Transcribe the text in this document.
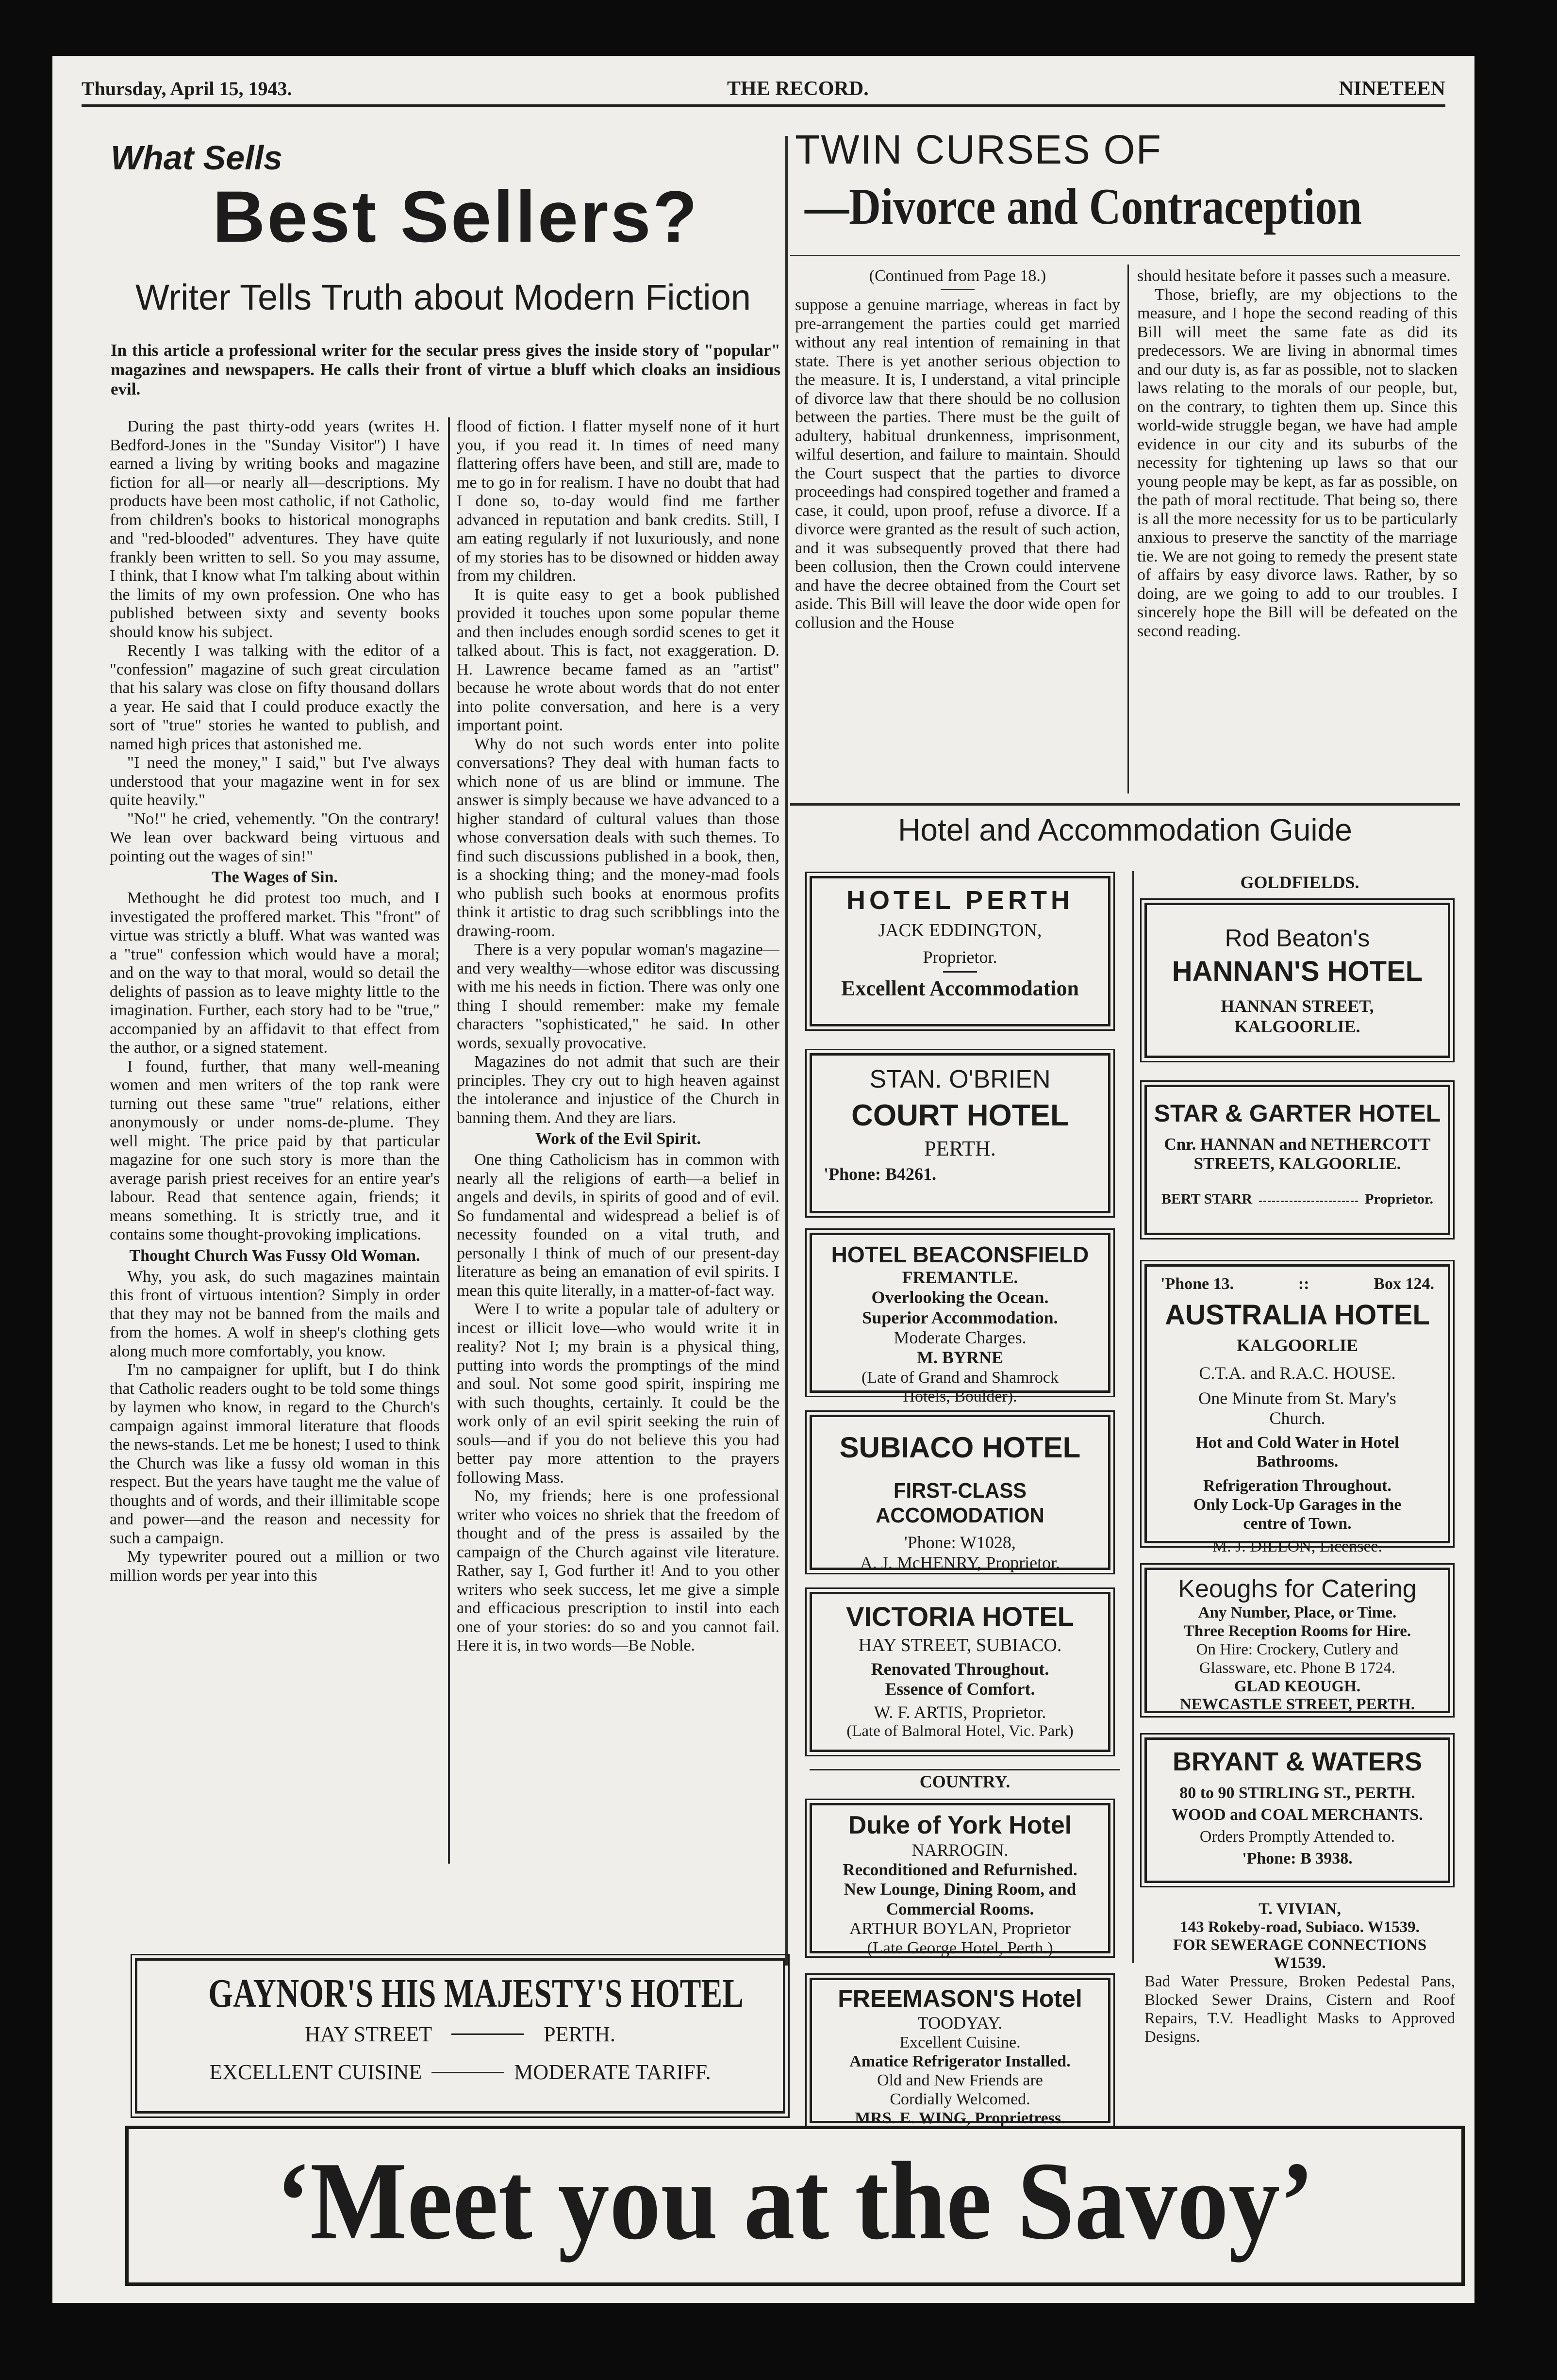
Thursday, April 15, 1943.	THE RECORD.	NINETEEN
What Sells
Best Sellers?
Writer Tells Truth about Modern Fiction
In this article a professional writer for the secular press gives the inside story of "popular" magazines and newspapers. He calls their front of virtue a bluff which cloaks an insidious evil.

During the past thirty-odd years (writes H. Bedford-Jones in the "Sunday Visitor") I have earned a living by writing books and magazine fiction for all—or nearly all—descriptions. My products have been most catholic, if not Catholic, from children's books to historical monographs and "red-blooded" adventures. They have quite frankly been written to sell. So you may assume, I think, that I know what I'm talking about within the limits of my own profession. One who has published between sixty and seventy books should know his subject.

Recently I was talking with the editor of a "confession" magazine of such great circulation that his salary was close on fifty thousand dollars a year. He said that I could produce exactly the sort of "true" stories he wanted to publish, and named high prices that astonished me.

"I need the money," I said," but I've always understood that your magazine went in for sex quite heavily."

"No!" he cried, vehemently. "On the contrary! We lean over backward being virtuous and pointing out the wages of sin!"

The Wages of Sin.

Methought he did protest too much, and I investigated the proffered market. This "front" of virtue was strictly a bluff. What was wanted was a "true" confession which would have a moral; and on the way to that moral, would so detail the delights of passion as to leave mighty little to the imagination. Further, each story had to be "true," accompanied by an affidavit to that effect from the author, or a signed statement.

I found, further, that many well-meaning women and men writers of the top rank were turning out these same "true" relations, either anonymously or under noms-de-plume. They well might. The price paid by that particular magazine for one such story is more than the average parish priest receives for an entire year's labour. Read that sentence again, friends; it means something. It is strictly true, and it contains some thought-provoking implications.

Thought Church Was Fussy Old Woman.

Why, you ask, do such magazines maintain this front of virtuous intention? Simply in order that they may not be banned from the mails and from the homes. A wolf in sheep's clothing gets along much more comfortably, you know.

I'm no campaigner for uplift, but I do think that Catholic readers ought to be told some things by laymen who know, in regard to the Church's campaign against immoral literature that floods the news-stands. Let me be honest; I used to think the Church was like a fussy old woman in this respect. But the years have taught me the value of thoughts and of words, and their illimitable scope and power—and the reason and necessity for such a campaign.

My typewriter poured out a million or two million words per year into this

flood of fiction. I flatter myself none of it hurt you, if you read it. In times of need many flattering offers have been, and still are, made to me to go in for realism. I have no doubt that had I done so, to-day would find me farther advanced in reputation and bank credits. Still, I am eating regularly if not luxuriously, and none of my stories has to be disowned or hidden away from my children.

It is quite easy to get a book published provided it touches upon some popular theme and then includes enough sordid scenes to get it talked about. This is fact, not exaggeration. D. H. Lawrence became famed as an "artist" because he wrote about words that do not enter into polite conversation, and here is a very important point.

Why do not such words enter into polite conversations? They deal with human facts to which none of us are blind or immune. The answer is simply because we have advanced to a higher standard of cultural values than those whose conversation deals with such themes. To find such discussions published in a book, then, is a shocking thing; and the money-mad fools who publish such books at enormous profits think it artistic to drag such scribblings into the drawing-room.

There is a very popular woman's magazine—and very wealthy—whose editor was discussing with me his needs in fiction. There was only one thing I should remember: make my female characters "sophisticated," he said. In other words, sexually provocative.

Magazines do not admit that such are their principles. They cry out to high heaven against the intolerance and injustice of the Church in banning them. And they are liars.

Work of the Evil Spirit.

One thing Catholicism has in common with nearly all the religions of earth—a belief in angels and devils, in spirits of good and of evil. So fundamental and widespread a belief is of necessity founded on a vital truth, and personally I think of much of our present-day literature as being an emanation of evil spirits. I mean this quite literally, in a matter-of-fact way.

Were I to write a popular tale of adultery or incest or illicit love—who would write it in reality? Not I; my brain is a physical thing, putting into words the promptings of the mind and soul. Not some good spirit, inspiring me with such thoughts, certainly. It could be the work only of an evil spirit seeking the ruin of souls—and if you do not believe this you had better pay more attention to the prayers following Mass.

No, my friends; here is one professional writer who voices no shriek that the freedom of thought and of the press is assailed by the campaign of the Church against vile literature. Rather, say I, God further it! And to you other writers who seek success, let me give a simple and efficacious prescription to instil into each one of your stories: do so and you cannot fail. Here it is, in two words—Be Noble.

TWIN CURSES OF
—Divorce and Contraception
(Continued from Page 18.)
suppose a genuine marriage, whereas in fact by pre-arrangement the parties could get married without any real intention of remaining in that state. There is yet another serious objection to the measure. It is, I understand, a vital principle of divorce law that there should be no collusion between the parties. There must be the guilt of adultery, habitual drunkenness, imprisonment, wilful desertion, and failure to maintain. Should the Court suspect that the parties to divorce proceedings had conspired together and framed a case, it could, upon proof, refuse a divorce. If a divorce were granted as the result of such action, and it was subsequently proved that there had been collusion, then the Crown could intervene and have the decree obtained from the Court set aside. This Bill will leave the door wide open for collusion and the House

should hesitate before it passes such a measure.

Those, briefly, are my objections to the measure, and I hope the second reading of this Bill will meet the same fate as did its predecessors. We are living in abnormal times and our duty is, as far as possible, not to slacken laws relating to the morals of our people, but, on the contrary, to tighten them up. Since this world-wide struggle began, we have had ample evidence in our city and its suburbs of the necessity for tightening up laws so that our young people may be kept, as far as possible, on the path of moral rectitude. That being so, there is all the more necessity for us to be particularly anxious to preserve the sanctity of the marriage tie. We are not going to remedy the present state of affairs by easy divorce laws. Rather, by so doing, are we going to add to our troubles. I sincerely hope the Bill will be defeated on the second reading.

Hotel and Accommodation Guide
HOTEL PERTH
JACK EDDINGTON,
Proprietor.
Excellent Accommodation
STAN. O'BRIEN
COURT HOTEL
PERTH.
'Phone: B4261.
HOTEL BEACONSFIELD
FREMANTLE.
Overlooking the Ocean.
Superior Accommodation.
Moderate Charges.
M. BYRNE
(Late of Grand and Shamrock
Hotels, Boulder).
SUBIACO HOTEL
FIRST-CLASS ACCOMODATION
'Phone: W1028,
A. J. McHENRY, Proprietor.
VICTORIA HOTEL
HAY STREET, SUBIACO.
Renovated Throughout.
Essence of Comfort.
W. F. ARTIS, Proprietor.
(Late of Balmoral Hotel, Vic. Park)
COUNTRY.
Duke of York Hotel
NARROGIN.
Reconditioned and Refurnished.
New Lounge, Dining Room, and
Commercial Rooms.
ARTHUR BOYLAN, Proprietor
(Late George Hotel, Perth.)
FREEMASON'S Hotel
TOODYAY.
Excellent Cuisine.
Amatice Refrigerator Installed.
Old and New Friends are
Cordially Welcomed.
MRS. E. WING, Proprietress.
GOLDFIELDS.
Rod Beaton's
HANNAN'S HOTEL
HANNAN STREET,
KALGOORLIE.
STAR & GARTER HOTEL
Cnr. HANNAN and NETHERCOTT
STREETS, KALGOORLIE.
BERT STARR	Proprietor.
'Phone 13.	::	Box 124.
AUSTRALIA HOTEL
KALGOORLIE
C.T.A. and R.A.C. HOUSE.
One Minute from St. Mary's
Church.
Hot and Cold Water in Hotel
Bathrooms.
Refrigeration Throughout.
Only Lock-Up Garages in the
centre of Town.
M. J. DILLON, Licensee.
Keoughs for Catering
Any Number, Place, or Time.
Three Reception Rooms for Hire.
On Hire: Crockery, Cutlery and
Glassware, etc. Phone B 1724.
GLAD KEOUGH.
NEWCASTLE STREET, PERTH.
BRYANT & WATERS
80 to 90 STIRLING ST., PERTH.
WOOD and COAL MERCHANTS.
Orders Promptly Attended to.
'Phone: B 3938.
T. VIVIAN,
143 Rokeby-road, Subiaco. W1539.
FOR SEWERAGE CONNECTIONS
W1539.
Bad Water Pressure, Broken Pedestal Pans, Blocked Sewer Drains, Cistern and Roof Repairs, T.V. Headlight Masks to Approved Designs.
GAYNOR'S HIS MAJESTY'S HOTEL
HAY STREET	PERTH.
EXCELLENT CUISINE	MODERATE TARIFF.
‘Meet you at the Savoy’
